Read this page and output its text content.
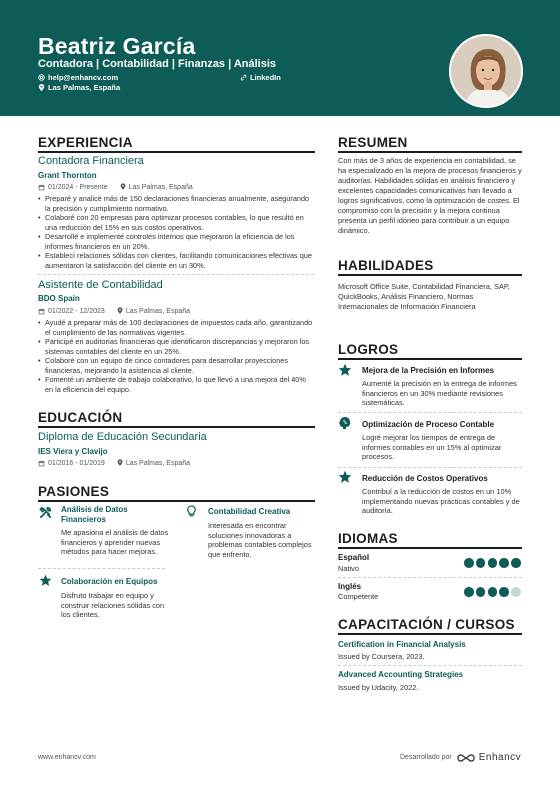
Beatriz García
Contadora | Contabilidad | Finanzas | Análisis
help@enhancv.com	LinkedIn
Las Palmas, España
EXPERIENCIA
Contadora Financiera
Grant Thornton
01/2024 - Presente	Las Palmas, España
• Preparé y analicé más de 150 declaraciones financieras anualmente, asegurando la precisión y cumplimiento normativo.
• Colaboré con 20 empresas para optimizar procesos contables, lo que resultó en una reducción del 15% en sus costos operativos.
• Desarrollé e implementé controles internos que mejoraron la eficiencia de los informes financieros en un 20%.
• Establecí relaciones sólidas con clientes, facilitando comunicaciones efectivas que aumentaron la satisfacción del cliente en un 30%.
Asistente de Contabilidad
BDO Spain
01/2022 - 12/2023	Las Palmas, España
• Ayudé a preparar más de 100 declaraciones de impuestos cada año, garantizando el cumplimiento de las normativas vigentes.
• Participé en auditorías financieras que identificaron discrepancias y mejoraron los sistemas contables del cliente en un 25%.
• Colaboré con un equipo de cinco contadores para desarrollar proyecciones financieras, mejorando la asistencia al cliente.
• Fomenté un ambiente de trabajo colaborativo, lo que llevó a una mejora del 40% en la eficiencia del equipo.
EDUCACIÓN
Diploma de Educación Secundaria
IES Viera y Clavijo
01/2016 - 01/2019	Las Palmas, España
PASIONES
Análisis de Datos Financieros
Me apasiona el análisis de datos financieros y aprender nuevas métodos para hacer mejoras.
Contabilidad Creativa
Interesada en encontrar soluciones innovadoras a problemas contables complejos que enfrento.
Colaboración en Equipos
Disfruto trabajar en equipo y construir relaciones sólidas con los clientes.
RESUMEN
Con más de 3 años de experiencia en contabilidad, se ha especializado en la mejora de procesos financieros y auditorías. Habilidades sólidas en análisis financiero y excelentes capacidades comunicativas han llevado a logros significativos, como la optimización de costes. El compromiso con la precisión y la mejora continua presenta un perfil idóneo para contribuir a un equipo dinámico.
HABILIDADES
Microsoft Office Suite, Contabilidad Financiera, SAP, QuickBooks, Análisis Financiero, Normas Internacionales de Información Financiera
LOGROS
Mejora de la Precisión en Informes
Aumenté la precisión en la entrega de informes financieros en un 30% mediante revisiones sistemáticas.
Optimización de Proceso Contable
Logré mejorar los tiempos de entrega de informes contables en un 15% al optimizar procesos.
Reducción de Costos Operativos
Contribuí a la reducción de costos en un 10% implementando nuevas prácticas contables y de auditoría.
IDIOMAS
Español
Nativo
Inglés
Competente
CAPACITACIÓN / CURSOS
Certification in Financial Analysis
Issued by Coursera, 2023.
Advanced Accounting Strategies
Issued by Udacity, 2022.
www.enhancv.com	Desarrollado por	Enhancv
